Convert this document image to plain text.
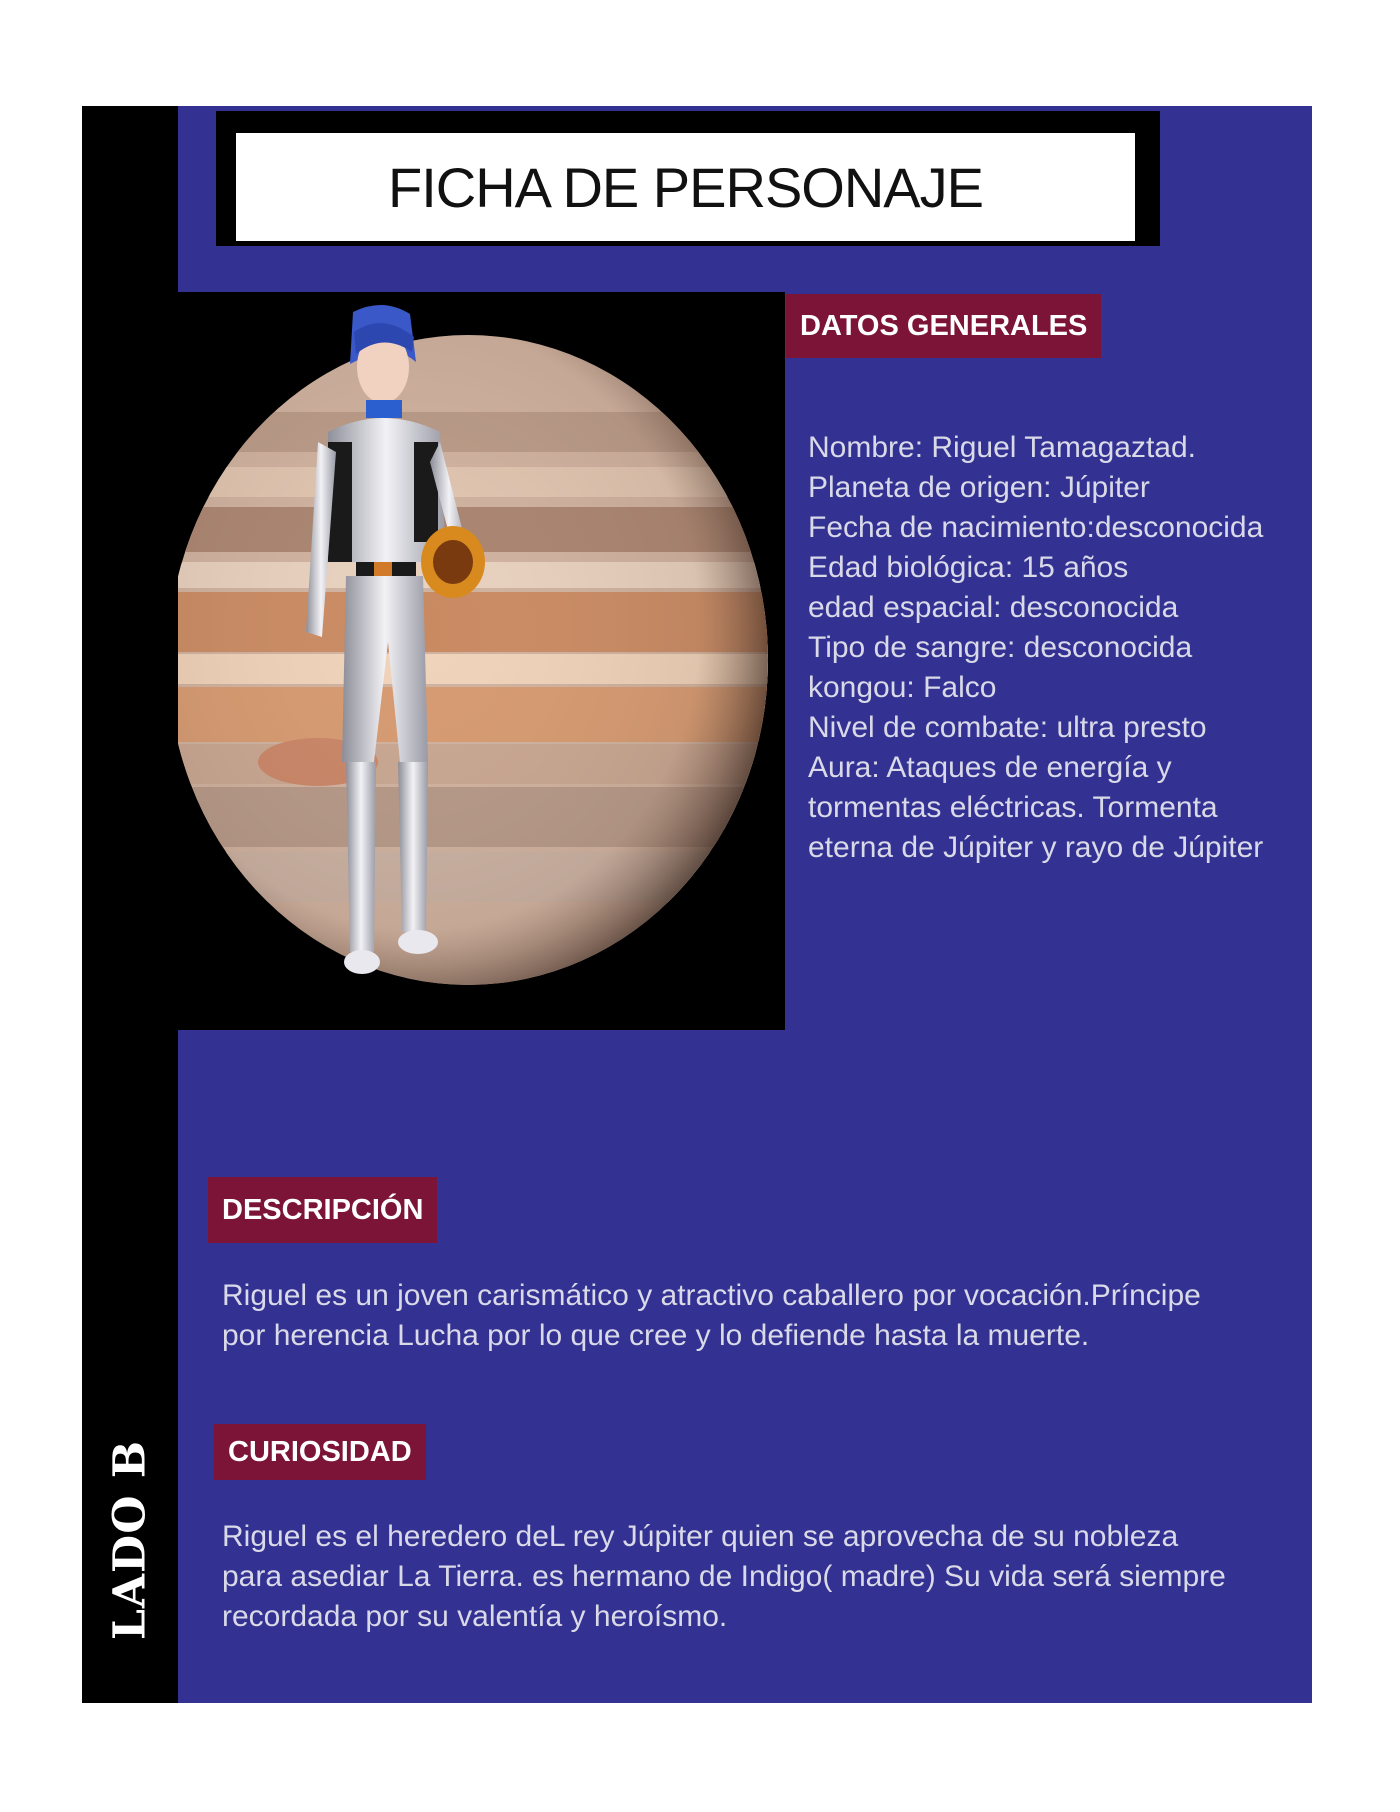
LADO B
FICHA DE PERSONAJE
DATOS GENERALES
Nombre: Riguel Tamagaztad.
Planeta de origen: Júpiter
Fecha de nacimiento:desconocida
Edad biológica: 15 años
edad espacial: desconocida
Tipo de sangre: desconocida
kongou: Falco
Nivel de combate: ultra presto
Aura: Ataques de energía y
tormentas eléctricas. Tormenta
eterna de Júpiter y rayo de Júpiter
DESCRIPCIÓN
Riguel es un joven carismático y atractivo caballero por vocación.Príncipe
por herencia Lucha por lo que cree y lo defiende hasta la muerte.
CURIOSIDAD
Riguel es el heredero deL rey Júpiter quien se aprovecha de su nobleza
para asediar La Tierra. es hermano de Indigo( madre) Su vida será siempre
recordada por su valentía y heroísmo.
